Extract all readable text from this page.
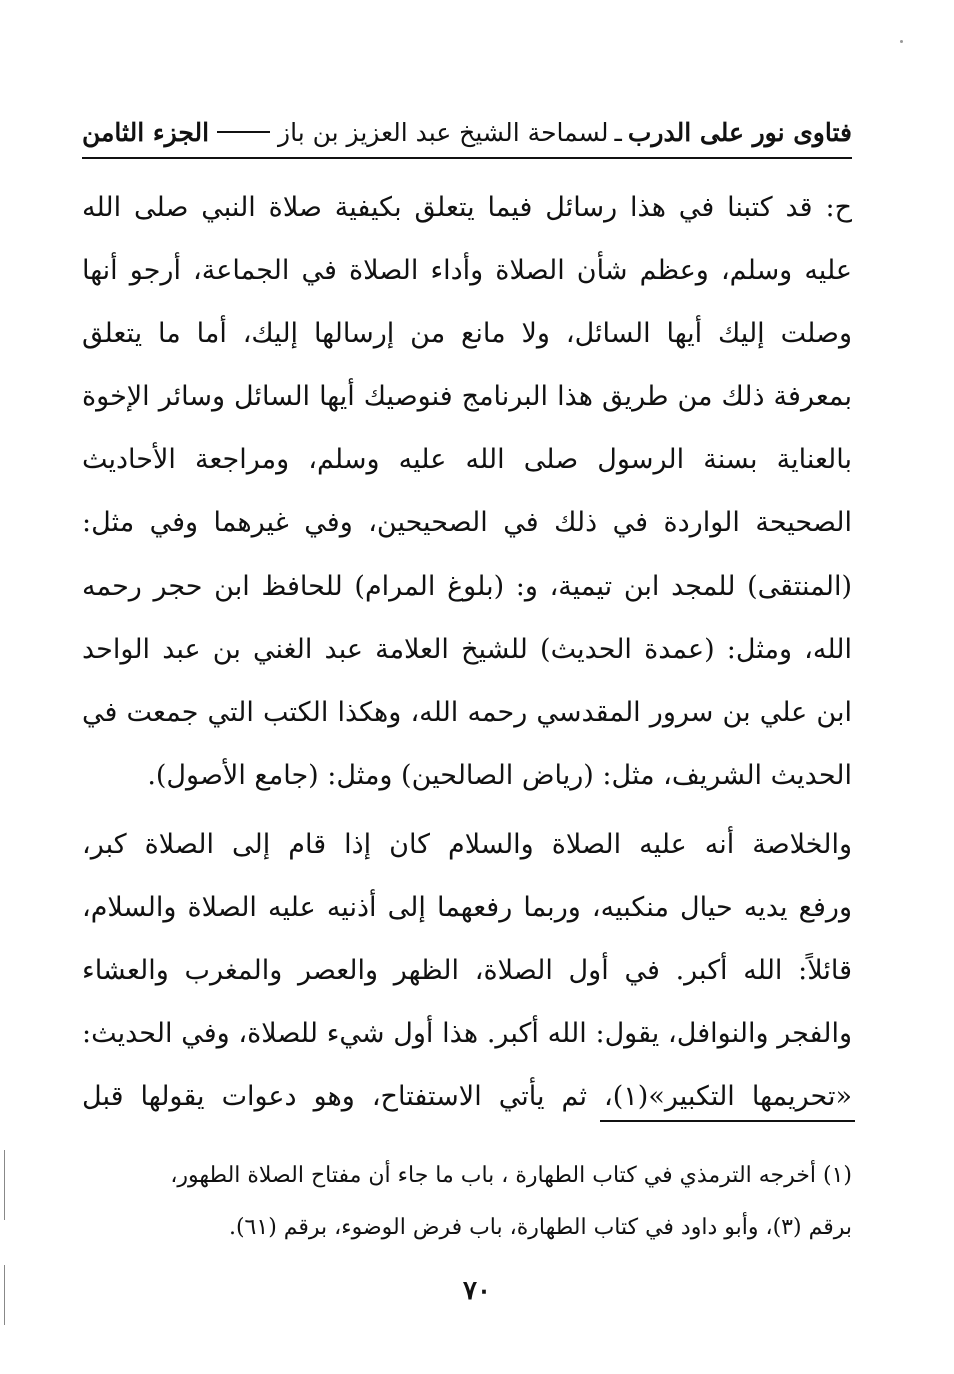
فتاوى نور على الدرب
ـ
لسماحة الشيخ عبد العزيز بن باز
الجزء الثامن
ح: قد كتبنا في هذا رسائل فيما يتعلق بكيفية صلاة النبي صلى الله
عليه وسلم، وعظم شأن الصلاة وأداء الصلاة في الجماعة، أرجو أنها
وصلت إليك أيها السائل، ولا مانع من إرسالها إليك، أما ما يتعلق
بمعرفة ذلك من طريق هذا البرنامج فنوصيك أيها السائل وسائر الإخوة
بالعناية بسنة الرسول صلى الله عليه وسلم، ومراجعة الأحاديث
الصحيحة الواردة في ذلك في الصحيحين، وفي غيرهما وفي مثل:
(المنتقى) للمجد ابن تيمية، و: (بلوغ المرام) للحافظ ابن حجر رحمه
الله، ومثل: (عمدة الحديث) للشيخ العلامة عبد الغني بن عبد الواحد
ابن علي بن سرور المقدسي رحمه الله، وهكذا الكتب التي جمعت في
الحديث الشريف، مثل: (رياض الصالحين) ومثل: (جامع الأصول).
والخلاصة أنه عليه الصلاة والسلام كان إذا قام إلى الصلاة كبر،
ورفع يديه حيال منكبيه، وربما رفعهما إلى أذنيه عليه الصلاة والسلام،
قائلاً: الله أكبر. في أول الصلاة، الظهر والعصر والمغرب والعشاء
والفجر والنوافل، يقول: الله أكبر. هذا أول شيء للصلاة، وفي الحديث:
«تحريمها التكبير»(١)، ثم يأتي الاستفتاح، وهو دعوات يقولها قبل
(١) أخرجه الترمذي في كتاب الطهارة ، باب ما جاء أن مفتاح الصلاة الطهور،
برقم (٣)، وأبو داود في كتاب الطهارة، باب فرض الوضوء، برقم (٦١).
٧٠
